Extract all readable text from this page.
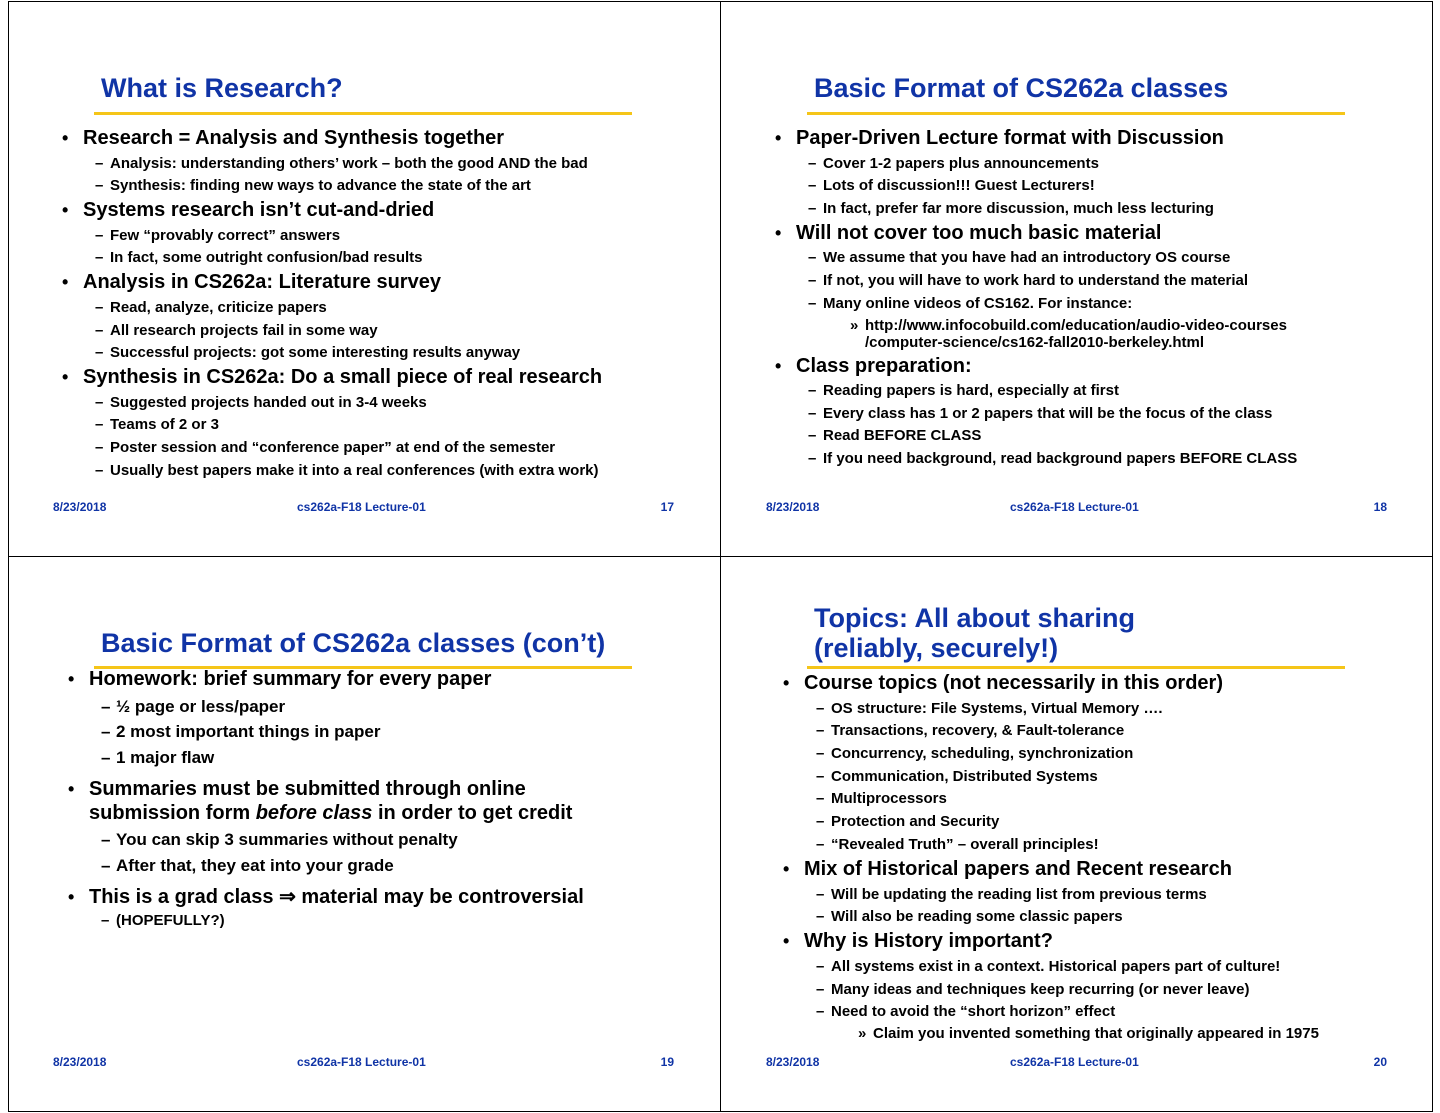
What is Research?
• Research = Analysis and Synthesis together
– Analysis: understanding others’ work – both the good AND the bad
– Synthesis: finding new ways to advance the state of the art
• Systems research isn’t cut-and-dried
– Few “provably correct” answers
– In fact, some outright confusion/bad results
• Analysis in CS262a: Literature survey
– Read, analyze, criticize papers
– All research projects fail in some way
– Successful projects: got some interesting results anyway
• Synthesis in CS262a: Do a small piece of real research
– Suggested projects handed out in 3-4 weeks
– Teams of 2 or 3
– Poster session and “conference paper” at end of the semester
– Usually best papers make it into a real conferences (with extra work)
8/23/2018	cs262a-F18 Lecture-01	17
Basic Format of CS262a classes
• Paper-Driven Lecture format with Discussion
– Cover 1-2 papers plus announcements
– Lots of discussion!!! Guest Lecturers!
– In fact, prefer far more discussion, much less lecturing
• Will not cover too much basic material
– We assume that you have had an introductory OS course
– If not, you will have to work hard to understand the material
– Many online videos of CS162. For instance:
» http://www.infocobuild.com/education/audio-video-courses
/computer-science/cs162-fall2010-berkeley.html
• Class preparation:
– Reading papers is hard, especially at first
– Every class has 1 or 2 papers that will be the focus of the class
– Read BEFORE CLASS
– If you need background, read background papers BEFORE CLASS
8/23/2018	cs262a-F18 Lecture-01	18
Basic Format of CS262a classes (con’t)
• Homework: brief summary for every paper
– ½ page or less/paper
– 2 most important things in paper
– 1 major flaw
• Summaries must be submitted through online
submission form before class in order to get credit
– You can skip 3 summaries without penalty
– After that, they eat into your grade
• This is a grad class ⇒ material may be controversial
– (HOPEFULLY?)
8/23/2018	cs262a-F18 Lecture-01	19
Topics: All about sharing
(reliably, securely!)
• Course topics (not necessarily in this order)
– OS structure: File Systems, Virtual Memory ….
– Transactions, recovery, & Fault-tolerance
– Concurrency, scheduling, synchronization
– Communication, Distributed Systems
– Multiprocessors
– Protection and Security
– “Revealed Truth” – overall principles!
• Mix of Historical papers and Recent research
– Will be updating the reading list from previous terms
– Will also be reading some classic papers
• Why is History important?
– All systems exist in a context. Historical papers part of culture!
– Many ideas and techniques keep recurring (or never leave)
– Need to avoid the “short horizon” effect
» Claim you invented something that originally appeared in 1975
8/23/2018	cs262a-F18 Lecture-01	20
